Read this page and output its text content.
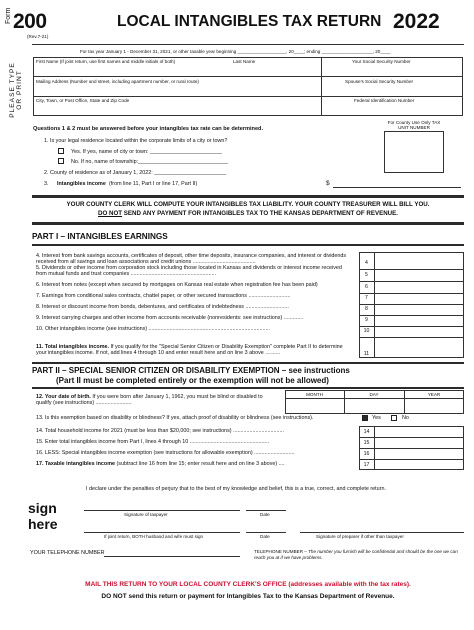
Form 200
(Rev.7-21)
LOCAL INTANGIBLES TAX RETURN 2022
For tax year January 1 - December 31, 2021, or other taxable year beginning ___________________, 20____; ending ____________________, 20____
PLEASE TYPE OR PRINT
First Name (If joint return, use first names and middle initials of both)	Last Name	Your Social Security Number
Mailing Address (Number and street, including apartment number, or rural route)	Spouse's Social Security Number
City, Town, or Post Office, State and Zip Code	Federal Identification Number
For County Use Only TAX UNIT NUMBER
Questions 1 & 2 must be answered before your intangibles tax rate can be determined.
1. Is your legal residence located within the corporate limits of a city or town?
Yes. If yes, name of city or town: ________________________
No. If no, name of township:______________________________
2. County of residence as of January 1, 2022: ________________________
3. Intangibles income (from line 11, Part I or line 17, Part II)	$
YOUR COUNTY CLERK WILL COMPUTE YOUR INTANGIBLES TAX LIABILITY. YOUR COUNTY TREASURER WILL BILL YOU.
DO NOT SEND ANY PAYMENT FOR INTANGIBLES TAX TO THE KANSAS DEPARTMENT OF REVENUE.
PART I – INTANGIBLES EARNINGS
4. Interest from bank savings accounts, certificates of deposit, other time deposits, insurance companies, and interest or dividends received from all savings and loan associations and credit unions ..........................................	4
5. Dividends or other income from corporation stock including those located in Kansas and dividends or interest income received from mutual funds and trust companies .........................................................	5
6. Interest from notes (except when secured by mortgages on Kansas real estate when registration fee has been paid)	6
7. Earnings from conditional sales contracts, chattel paper, or other secured transactions ............................	7
8. Interest or discount income from bonds, debentures, and certificates of indebtedness .............................	8
9. Interest carrying charges and other income from accounts receivable (nonresidents: see instructions) .............	9
10. Other intangibles income (see instructions) .................................................................................	10
11. Total intangibles income. If you qualify for the "Special Senior Citizen or Disability Exemption" complete Part II to determine your intangibles income. If not, add lines 4 through 10 and enter result here and on line 3 above ..........	11
PART II – SPECIAL SENIOR CITIZEN OR DISABILITY EXEMPTION – see instructions
(Part II must be completed entirely or the exemption will not be allowed)
MONTH	DAY	YEAR
12. Your date of birth. If you were born after January 1, 1962, you must be blind or disabled to qualify (see instructions) ........................
13. Is this exemption based on disability or blindness? If yes, attach proof of disability or blindness (see instructions).	Yes	No
14. Total household income for 2021 (must be less than $20,000; see instructions) ..................................	14
15. Enter total intangibles income from Part I, lines 4 through 10 .....................................................	15
16. LESS: Special intangibles income exemption (see instructions for allowable exemption) ...........................	16
17. Taxable intangibles income (subtract line 16 from line 15; enter result here and on line 3 above) ....	17
I declare under the penalties of perjury that to the best of my knowledge and belief, this is a true, correct, and complete return.
sign
here
Signature of taxpayer	Date
If joint return, BOTH husband and wife must sign	Date	Signature of preparer if other than taxpayer
YOUR TELEPHONE NUMBER	TELEPHONE NUMBER – The number you furnish will be confidential and should be the one we can reach you at if we have problems.
MAIL THIS RETURN TO YOUR LOCAL COUNTY CLERK'S OFFICE (addresses available with the tax rates).
DO NOT send this return or payment for Intangibles Tax to the Kansas Department of Revenue.
